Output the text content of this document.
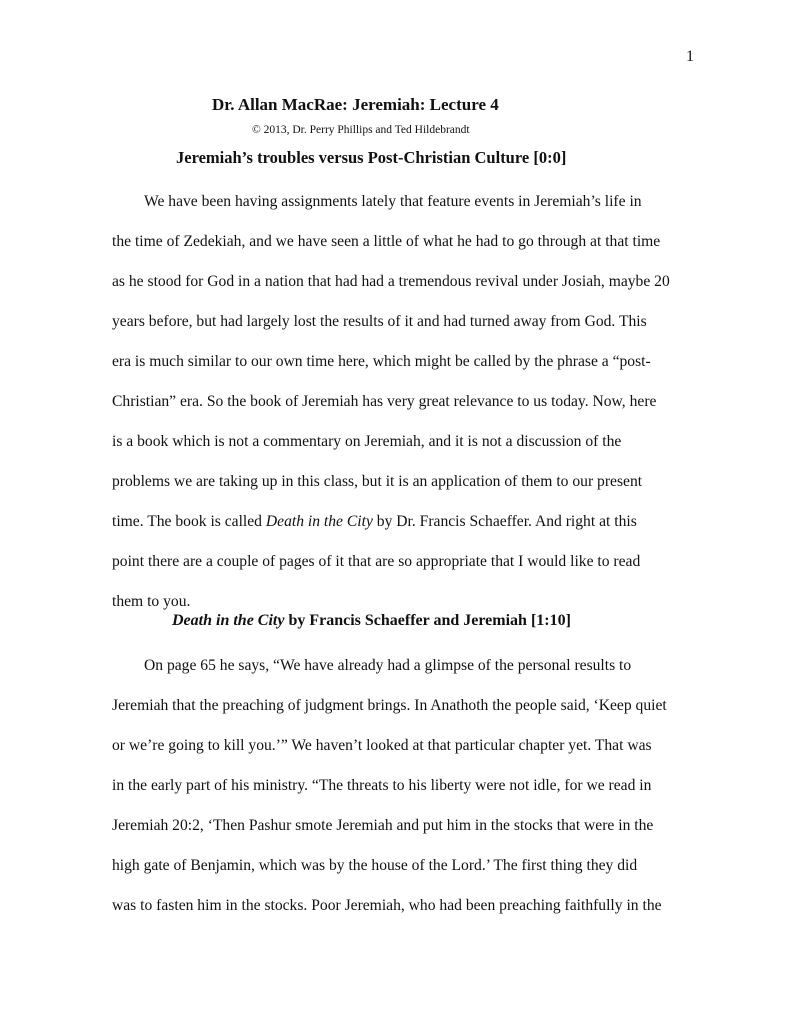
1
Dr. Allan MacRae: Jeremiah: Lecture 4
© 2013, Dr. Perry Phillips and Ted Hildebrandt
Jeremiah’s troubles versus Post-Christian Culture [0:0]
We have been having assignments lately that feature events in Jeremiah’s life in
the time of Zedekiah, and we have seen a little of what he had to go through at that time
as he stood for God in a nation that had had a tremendous revival under Josiah, maybe 20
years before, but had largely lost the results of it and had turned away from God. This
era is much similar to our own time here, which might be called by the phrase a “post-
Christian” era. So the book of Jeremiah has very great relevance to us today. Now, here
is a book which is not a commentary on Jeremiah, and it is not a discussion of the
problems we are taking up in this class, but it is an application of them to our present
time. The book is called Death in the City by Dr. Francis Schaeffer. And right at this
point there are a couple of pages of it that are so appropriate that I would like to read
them to you.
Death in the City by Francis Schaeffer and Jeremiah [1:10]
On page 65 he says, “We have already had a glimpse of the personal results to
Jeremiah that the preaching of judgment brings. In Anathoth the people said, ‘Keep quiet
or we’re going to kill you.’” We haven’t looked at that particular chapter yet. That was
in the early part of his ministry. “The threats to his liberty were not idle, for we read in
Jeremiah 20:2, ‘Then Pashur smote Jeremiah and put him in the stocks that were in the
high gate of Benjamin, which was by the house of the Lord.’ The first thing they did
was to fasten him in the stocks. Poor Jeremiah, who had been preaching faithfully in the
